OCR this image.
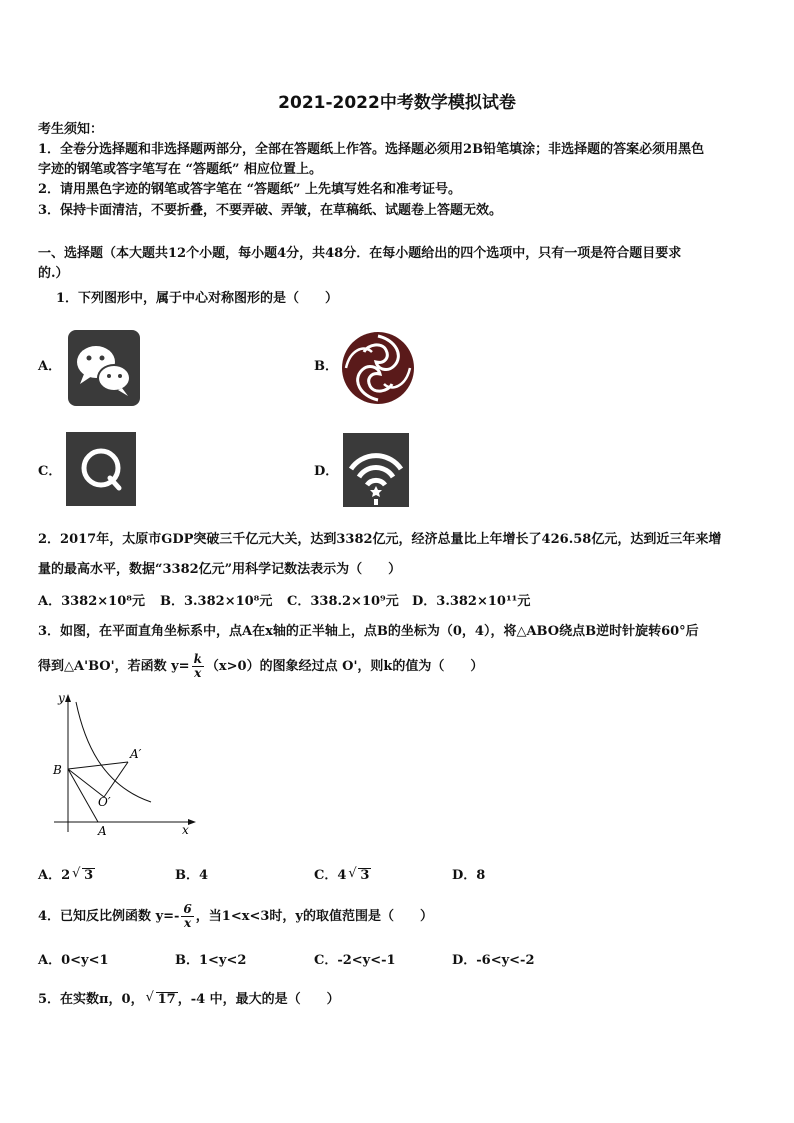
2021-2022中考数学模拟试卷
考生须知：
1．全卷分选择题和非选择题两部分，全部在答题纸上作答。选择题必须用2B铅笔填涂；非选择题的答案必须用黑色
字迹的钢笔或答字笔写在 “答题纸” 相应位置上。
2．请用黑色字迹的钢笔或答字笔在 “答题纸” 上先填写姓名和准考证号。
3．保持卡面清洁，不要折叠，不要弄破、弄皱，在草稿纸、试题卷上答题无效。
一、选择题（本大题共12个小题，每小题4分，共48分．在每小题给出的四个选项中，只有一项是符合题目要求
的.）
1．下列图形中，属于中心对称图形的是（　　）
A．	B．
C．	D．
2．2017年，太原市GDP突破三千亿元大关，达到3382亿元，经济总量比上年增长了426.58亿元，达到近三年来增
量的最高水平，数据“3382亿元”用科学记数法表示为（　　）
A．3382×10⁸元 B．3.382×10⁸元 C．338.2×10⁹元 D．3.382×10¹¹元
3．如图，在平面直角坐标系中，点A在x轴的正半轴上，点B的坐标为（0，4），将△ABO绕点B逆时针旋转60°后
得到△A'BO'，若函数 $y= \frac{k}{x} (x>0)$的图象经过点 O'，则k的值为（　　）
y
x
B
A
A′
O′
A．2 √ 3	B．4	C．4 √ 3	D．8
4．已知反比例函数 $y=- \frac{6}{x}$ ，当1<x<3时，y的取值范围是（　　）
A．0<y<1	B．1<y<2	C．-2<y<-1	D．-6<y<-2
5．在实数π，0， √ 17 ，-4 中，最大的是（　　）
